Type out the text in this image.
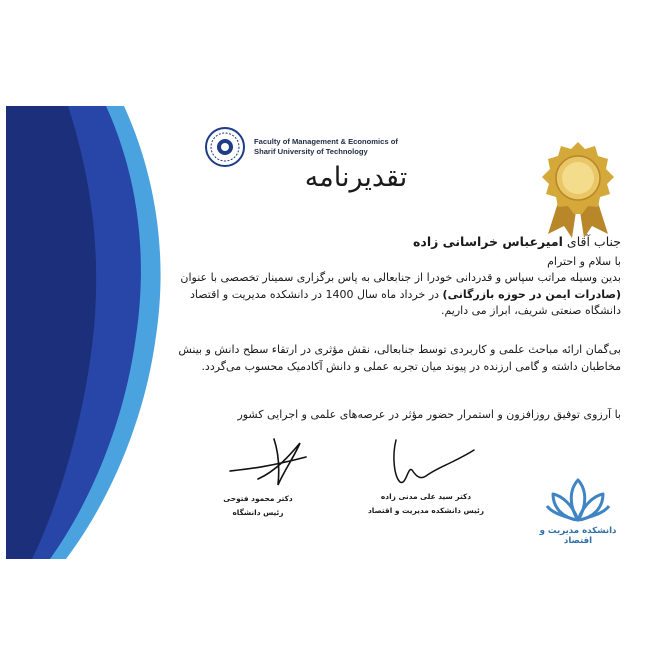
Faculty of Management & Economics of
Sharif University of Technology
تقدیرنامه
جناب آقای امیرعباس خراسانی زاده
با سلام و احترام
بدین وسیله مراتب سپاس و قدردانی خودرا از جنابعالی به پاس برگزاری سمینار تخصصی با عنوان (صادرات ایمن در حوزه بازرگانی) در خرداد ماه سال 1400 در دانشکده مدیریت و اقتصاد دانشگاه صنعتی شریف، ابراز می داریم.
بی‌گمان ارائه مباحث علمی و کاربردی توسط جنابعالی، نقش مؤثری در ارتقاء سطح دانش و بینش مخاطبان داشته و گامی ارزنده در پیوند میان تجربه عملی و دانش آکادمیک محسوب می‌گردد.
با آرزوی توفیق روزافزون و استمرار حضور مؤثر در عرصه‌های علمی و اجرایی کشور
دکتر محمود فتوحی
رئیس دانشگاه
دکتر سید علی مدنی زاده
رئیس دانشکده مدیریت و اقتصاد
دانشکده مدیریت و اقتصاد
